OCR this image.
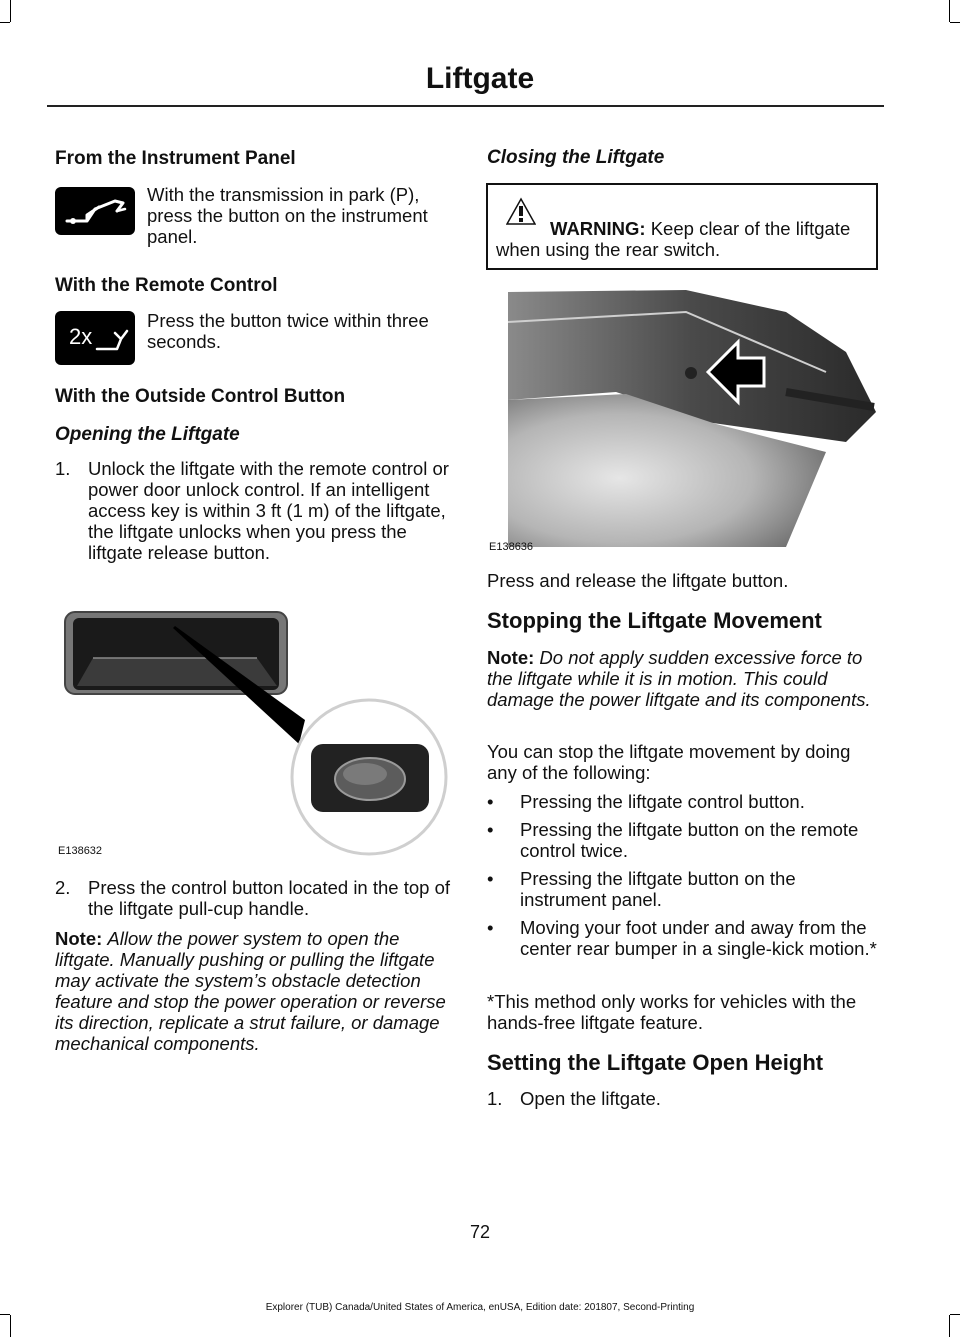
Liftgate
From the Instrument Panel
With the transmission in park (P), press the button on the instrument panel.
With the Remote Control
2x
Press the button twice within three seconds.
With the Outside Control Button
Opening the Liftgate
1. Unlock the liftgate with the remote control or power door unlock control. If an intelligent access key is within 3 ft (1 m) of the liftgate, the liftgate unlocks when you press the liftgate release button.
E138632
2. Press the control button located in the top of the liftgate pull-cup handle.
Note: Allow the power system to open the liftgate. Manually pushing or pulling the liftgate may activate the system’s obstacle detection feature and stop the power operation or reverse its direction, replicate a strut failure, or damage mechanical components.
Closing the Liftgate
WARNING: Keep clear of the liftgate when using the rear switch.
E138636
Press and release the liftgate button.
Stopping the Liftgate Movement
Note: Do not apply sudden excessive force to the liftgate while it is in motion. This could damage the power liftgate and its components.
You can stop the liftgate movement by doing any of the following:
• Pressing the liftgate control button.
• Pressing the liftgate button on the remote control twice.
• Pressing the liftgate button on the instrument panel.
• Moving your foot under and away from the center rear bumper in a single-kick motion.*
*This method only works for vehicles with the hands-free liftgate feature.
Setting the Liftgate Open Height
1. Open the liftgate.
72
Explorer (TUB) Canada/United States of America, enUSA, Edition date: 201807, Second-Printing
